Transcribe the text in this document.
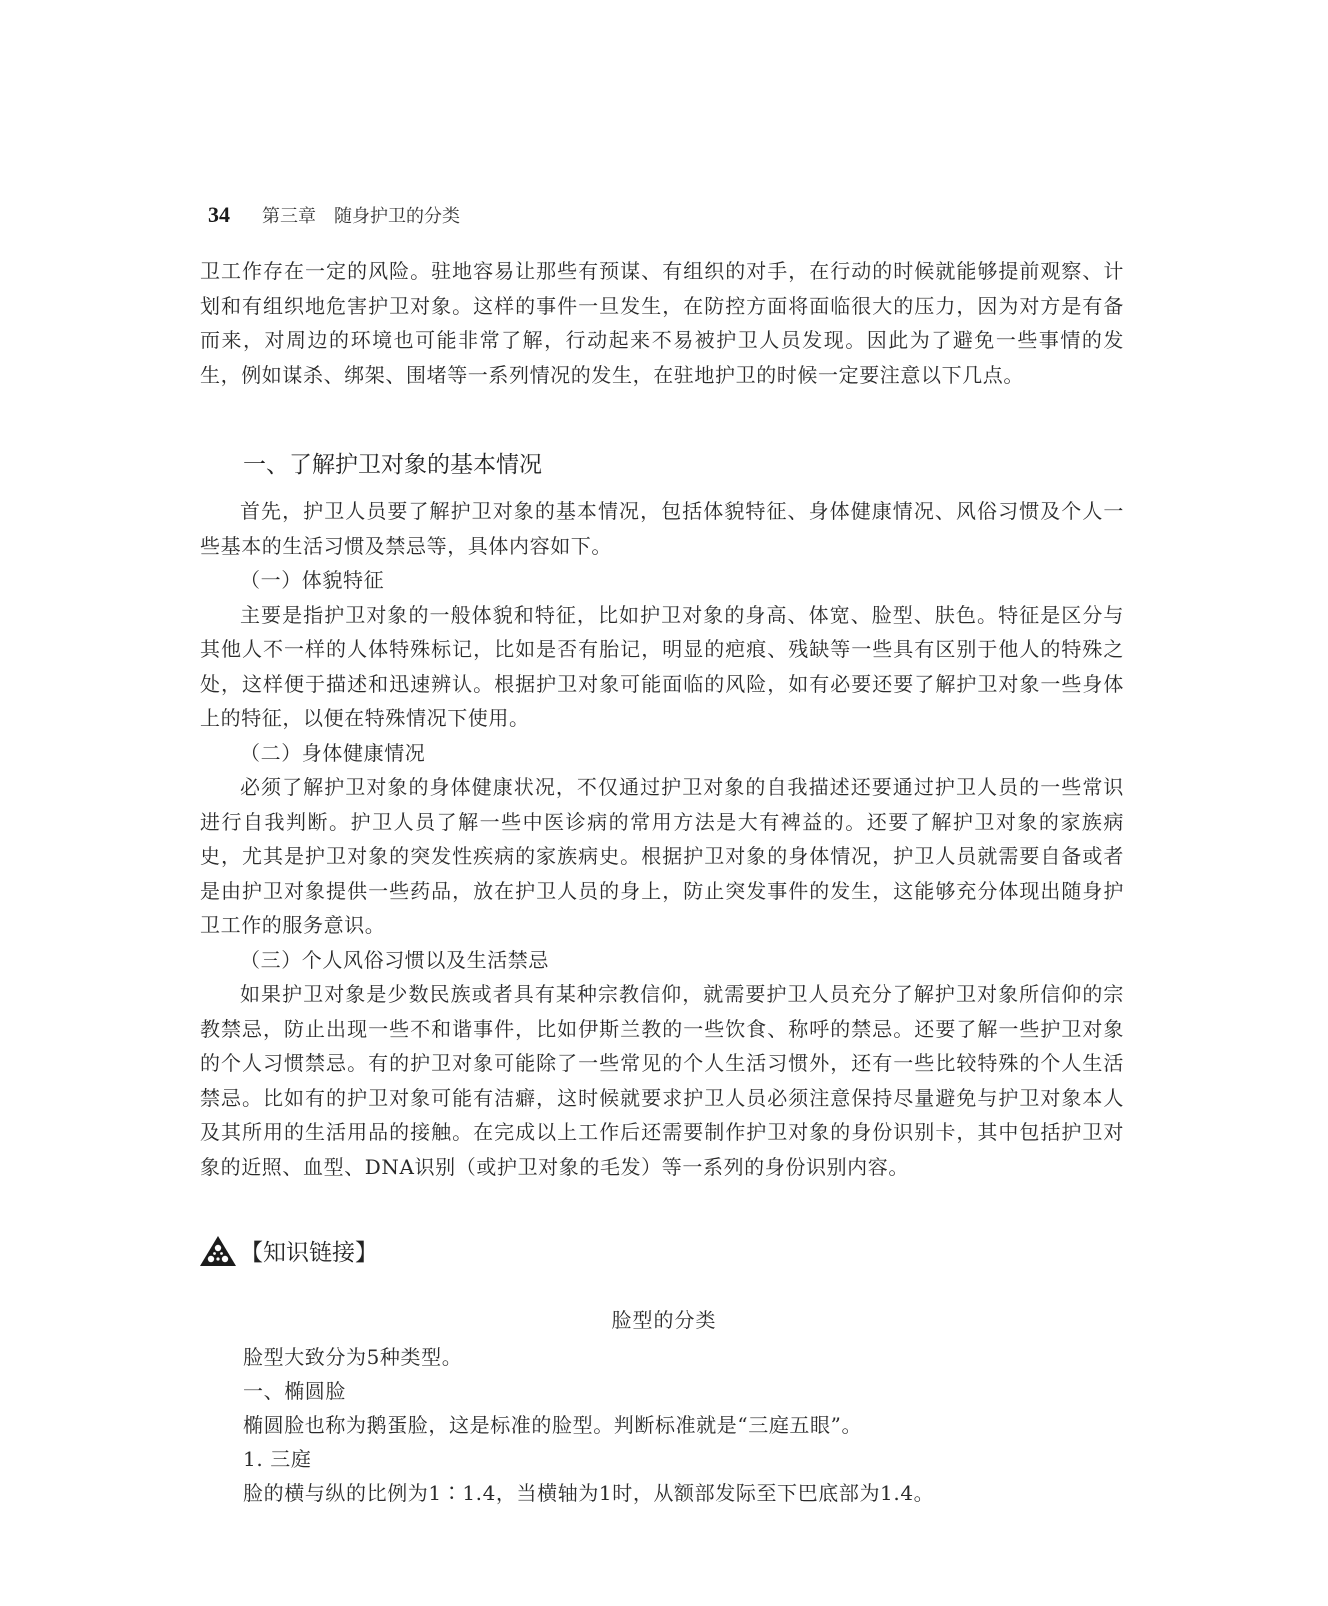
34 第三章　随身护卫的分类

卫工作存在一定的风险。驻地容易让那些有预谋、有组织的对手，在行动的时候就能够提前观察、计划和有组织地危害护卫对象。这样的事件一旦发生，在防控方面将面临很大的压力，因为对方是有备而来，对周边的环境也可能非常了解，行动起来不易被护卫人员发现。因此为了避免一些事情的发生，例如谋杀、绑架、围堵等一系列情况的发生，在驻地护卫的时候一定要注意以下几点。

一、了解护卫对象的基本情况

首先，护卫人员要了解护卫对象的基本情况，包括体貌特征、身体健康情况、风俗习惯及个人一些基本的生活习惯及禁忌等，具体内容如下。

（一）体貌特征

主要是指护卫对象的一般体貌和特征，比如护卫对象的身高、体宽、脸型、肤色。特征是区分与其他人不一样的人体特殊标记，比如是否有胎记，明显的疤痕、残缺等一些具有区别于他人的特殊之处，这样便于描述和迅速辨认。根据护卫对象可能面临的风险，如有必要还要了解护卫对象一些身体上的特征，以便在特殊情况下使用。

（二）身体健康情况

必须了解护卫对象的身体健康状况，不仅通过护卫对象的自我描述还要通过护卫人员的一些常识进行自我判断。护卫人员了解一些中医诊病的常用方法是大有裨益的。还要了解护卫对象的家族病史，尤其是护卫对象的突发性疾病的家族病史。根据护卫对象的身体情况，护卫人员就需要自备或者是由护卫对象提供一些药品，放在护卫人员的身上，防止突发事件的发生，这能够充分体现出随身护卫工作的服务意识。

（三）个人风俗习惯以及生活禁忌

如果护卫对象是少数民族或者具有某种宗教信仰，就需要护卫人员充分了解护卫对象所信仰的宗教禁忌，防止出现一些不和谐事件，比如伊斯兰教的一些饮食、称呼的禁忌。还要了解一些护卫对象的个人习惯禁忌。有的护卫对象可能除了一些常见的个人生活习惯外，还有一些比较特殊的个人生活禁忌。比如有的护卫对象可能有洁癖，这时候就要求护卫人员必须注意保持尽量避免与护卫对象本人及其所用的生活用品的接触。在完成以上工作后还需要制作护卫对象的身份识别卡，其中包括护卫对象的近照、血型、DNA识别（或护卫对象的毛发）等一系列的身份识别内容。

【知识链接】
脸型的分类
脸型大致分为5种类型。
一、椭圆脸
椭圆脸也称为鹅蛋脸，这是标准的脸型。判断标准就是“三庭五眼”。
1. 三庭
脸的横与纵的比例为1∶1.4，当横轴为1时，从额部发际至下巴底部为1.4。
